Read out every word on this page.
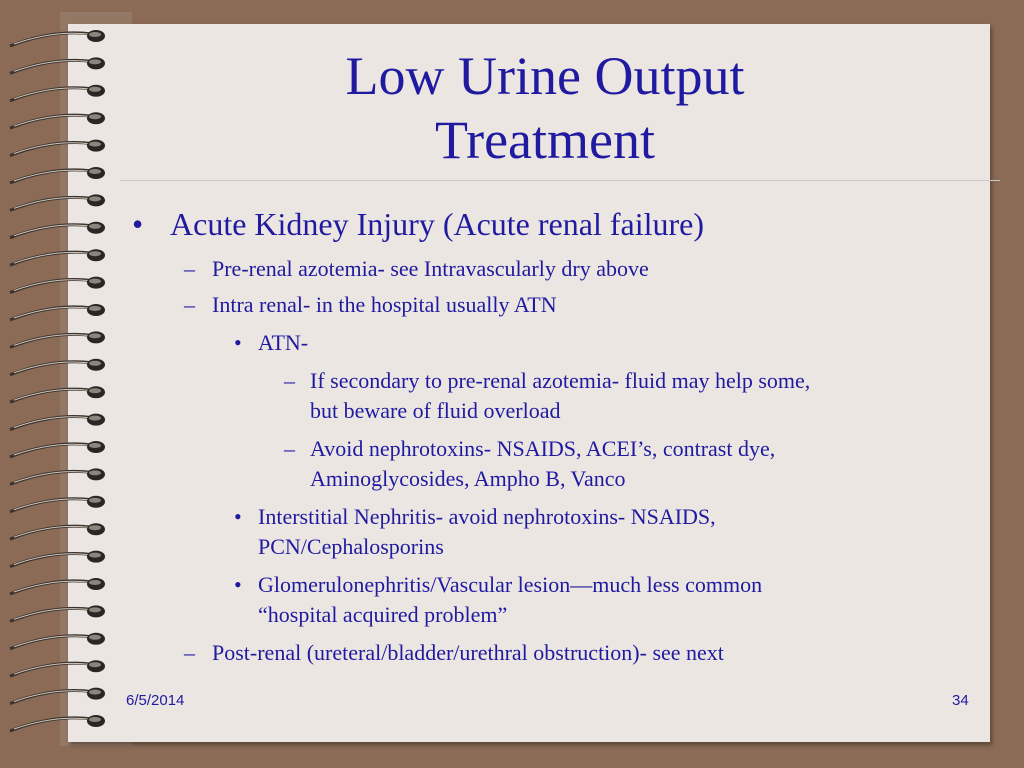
Low Urine Output
Treatment
• Acute Kidney Injury (Acute renal failure)
– Pre-renal azotemia- see Intravascularly dry above
– Intra renal- in the hospital usually ATN
• ATN-
– If secondary to pre-renal azotemia- fluid may help some,
but beware of fluid overload
– Avoid nephrotoxins- NSAIDS, ACEI’s, contrast dye,
Aminoglycosides, Ampho B, Vanco
• Interstitial Nephritis- avoid nephrotoxins- NSAIDS,
PCN/Cephalosporins
• Glomerulonephritis/Vascular lesion—much less common
“hospital acquired problem”
– Post-renal (ureteral/bladder/urethral obstruction)- see next
6/5/2014	34
